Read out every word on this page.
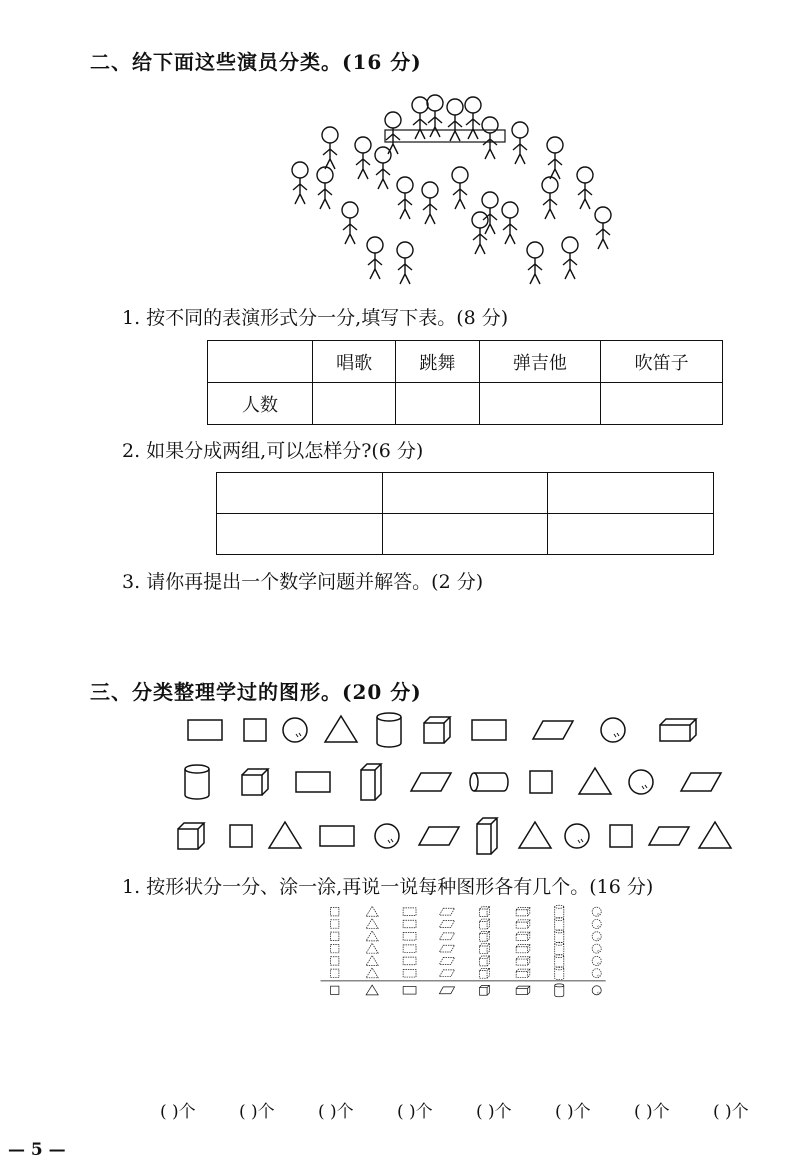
二、给下面这些演员分类。(16 分)
1. 按不同的表演形式分一分,填写下表。(8 分)
	唱歌	跳舞	弹吉他	吹笛子
人数				
2. 如果分成两组,可以怎样分?(6 分)

3. 请你再提出一个数学问题并解答。(2 分)
三、分类整理学过的图形。(20 分)
1. 按形状分一分、涂一涂,再说一说每种图形各有几个。(16 分)
( )个	( )个	( )个	( )个	( )个	( )个	( )个	( )个
— 5 —
